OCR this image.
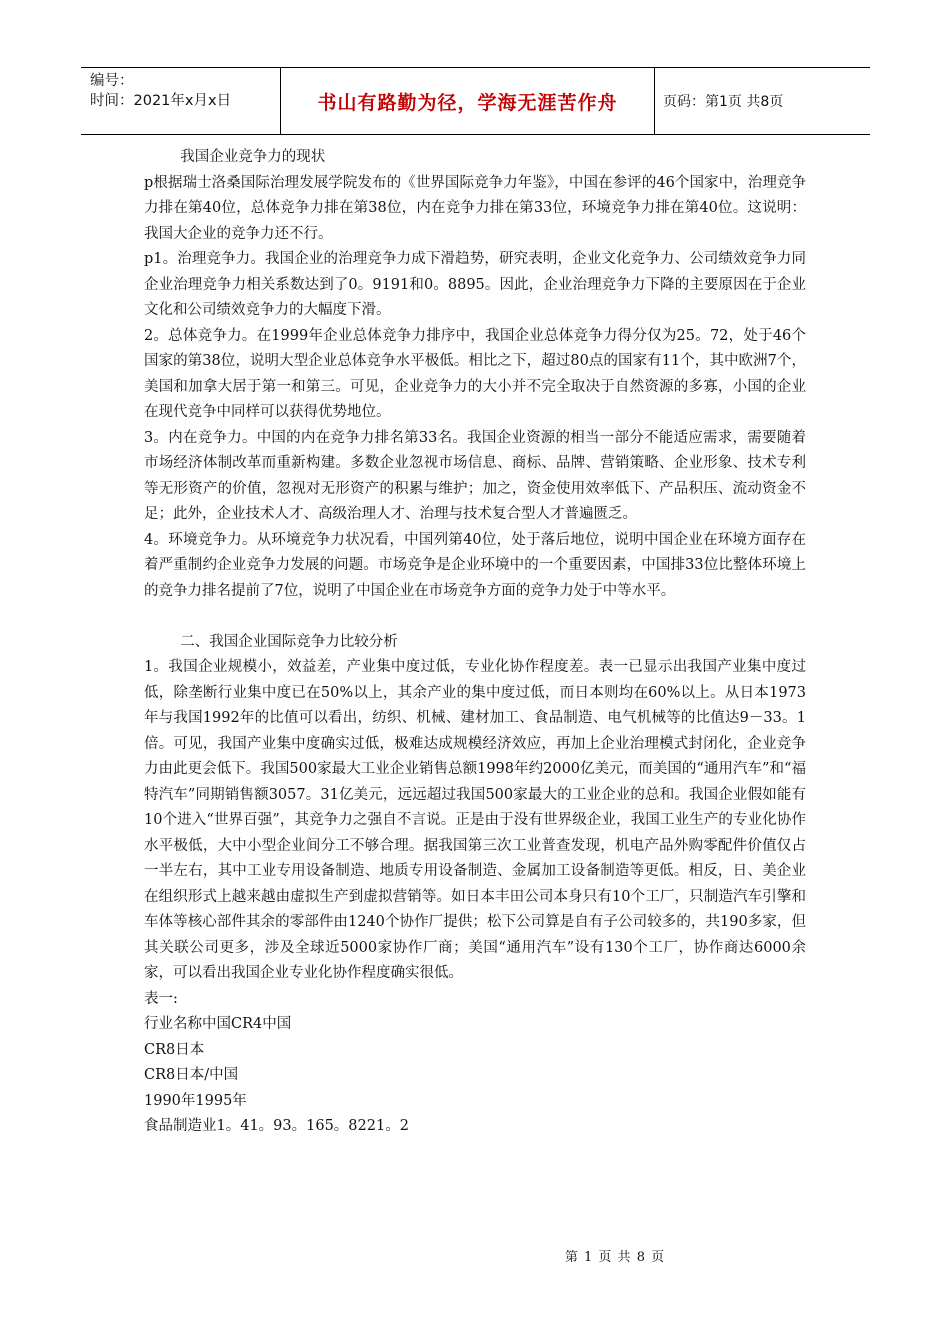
编号：
时间：2021年x月x日	书山有路勤为径，学海无涯苦作舟	页码：第1页 共8页

我国企业竞争力的现状

p根据瑞士洛桑国际治理发展学院发布的《世界国际竞争力年鉴》，中国在参评的46个国家中，治理竞争力排在第40位，总体竞争力排在第38位，内在竞争力排在第33位，环境竞争力排在第40位。这说明：我国大企业的竞争力还不行。

p1。治理竞争力。我国企业的治理竞争力成下滑趋势，研究表明，企业文化竞争力、公司绩效竞争力同企业治理竞争力相关系数达到了0。9191和0。8895。因此，企业治理竞争力下降的主要原因在于企业文化和公司绩效竞争力的大幅度下滑。

2。总体竞争力。在1999年企业总体竞争力排序中，我国企业总体竞争力得分仅为25。72，处于46个国家的第38位，说明大型企业总体竞争水平极低。相比之下，超过80点的国家有11个，其中欧洲7个，美国和加拿大居于第一和第三。可见，企业竞争力的大小并不完全取决于自然资源的多寡，小国的企业在现代竞争中同样可以获得优势地位。

3。内在竞争力。中国的内在竞争力排名第33名。我国企业资源的相当一部分不能适应需求，需要随着市场经济体制改革而重新构建。多数企业忽视市场信息、商标、品牌、营销策略、企业形象、技术专利等无形资产的价值，忽视对无形资产的积累与维护；加之，资金使用效率低下、产品积压、流动资金不足；此外，企业技术人才、高级治理人才、治理与技术复合型人才普遍匮乏。

4。环境竞争力。从环境竞争力状况看，中国列第40位，处于落后地位，说明中国企业在环境方面存在着严重制约企业竞争力发展的问题。市场竞争是企业环境中的一个重要因素，中国排33位比整体环境上的竞争力排名提前了7位，说明了中国企业在市场竞争方面的竞争力处于中等水平。

二、我国企业国际竞争力比较分析

1。我国企业规模小，效益差，产业集中度过低，专业化协作程度差。表一已显示出我国产业集中度过低，除垄断行业集中度已在50%以上，其余产业的集中度过低，而日本则均在60%以上。从日本1973年与我国1992年的比值可以看出，纺织、机械、建材加工、食品制造、电气机械等的比值达9－33。1倍。可见，我国产业集中度确实过低，极难达成规模经济效应，再加上企业治理模式封闭化，企业竞争力由此更会低下。我国500家最大工业企业销售总额1998年约2000亿美元，而美国的“通用汽车”和“福特汽车”同期销售额3057。31亿美元，远远超过我国500家最大的工业企业的总和。我国企业假如能有10个进入“世界百强”，其竞争力之强自不言说。正是由于没有世界级企业，我国工业生产的专业化协作水平极低，大中小型企业间分工不够合理。据我国第三次工业普查发现，机电产品外购零配件价值仅占一半左右，其中工业专用设备制造、地质专用设备制造、金属加工设备制造等更低。相反，日、美企业在组织形式上越来越由虚拟生产到虚拟营销等。如日本丰田公司本身只有10个工厂，只制造汽车引擎和车体等核心部件其余的零部件由1240个协作厂提供；松下公司算是自有子公司较多的，共190多家，但其关联公司更多，涉及全球近5000家协作厂商；美国“通用汽车”设有130个工厂，协作商达6000余家，可以看出我国企业专业化协作程度确实很低。

表一:

行业名称中国CR4中国

CR8日本

CR8日本/中国

1990年1995年

食品制造业1。41。93。165。8221。2

第 1 页 共 8 页
